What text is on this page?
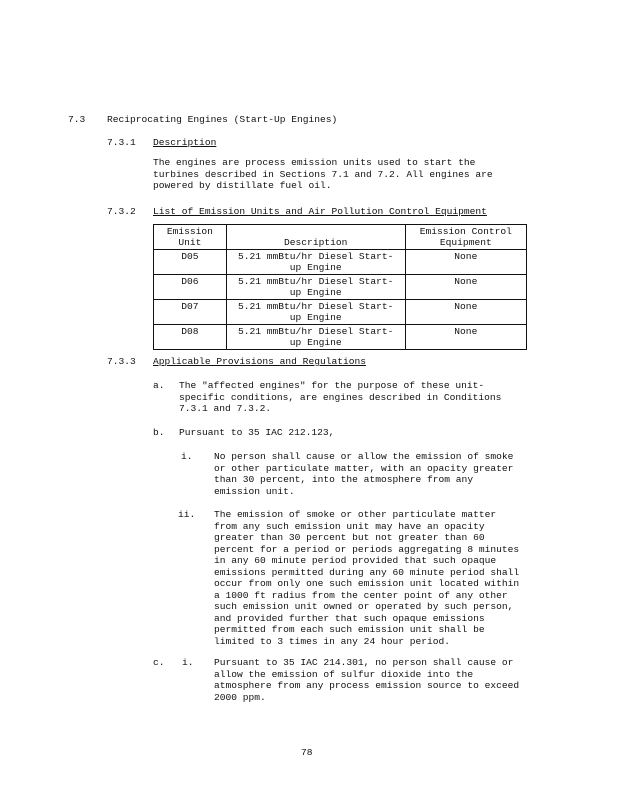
7.3 Reciprocating Engines (Start-Up Engines)
7.3.1 Description
The engines are process emission units used to start the
turbines described in Sections 7.1 and 7.2. All engines are
powered by distillate fuel oil.
7.3.2 List of Emission Units and Air Pollution Control Equipment
Emission
Unit	Description	Emission Control
Equipment
D05	5.21 mmBtu/hr Diesel Start-
up Engine	None
D06	5.21 mmBtu/hr Diesel Start-
up Engine	None
D07	5.21 mmBtu/hr Diesel Start-
up Engine	None
D08	5.21 mmBtu/hr Diesel Start-
up Engine	None
7.3.3 Applicable Provisions and Regulations
a. The "affected engines" for the purpose of these unit-
specific conditions, are engines described in Conditions
7.3.1 and 7.3.2.
b. Pursuant to 35 IAC 212.123,
i. No person shall cause or allow the emission of smoke
or other particulate matter, with an opacity greater
than 30 percent, into the atmosphere from any
emission unit.
ii. The emission of smoke or other particulate matter
from any such emission unit may have an opacity
greater than 30 percent but not greater than 60
percent for a period or periods aggregating 8 minutes
in any 60 minute period provided that such opaque
emissions permitted during any 60 minute period shall
occur from only one such emission unit located within
a 1000 ft radius from the center point of any other
such emission unit owned or operated by such person,
and provided further that such opaque emissions
permitted from each such emission unit shall be
limited to 3 times in any 24 hour period.
c. i. Pursuant to 35 IAC 214.301, no person shall cause or
allow the emission of sulfur dioxide into the
atmosphere from any process emission source to exceed
2000 ppm.
78
